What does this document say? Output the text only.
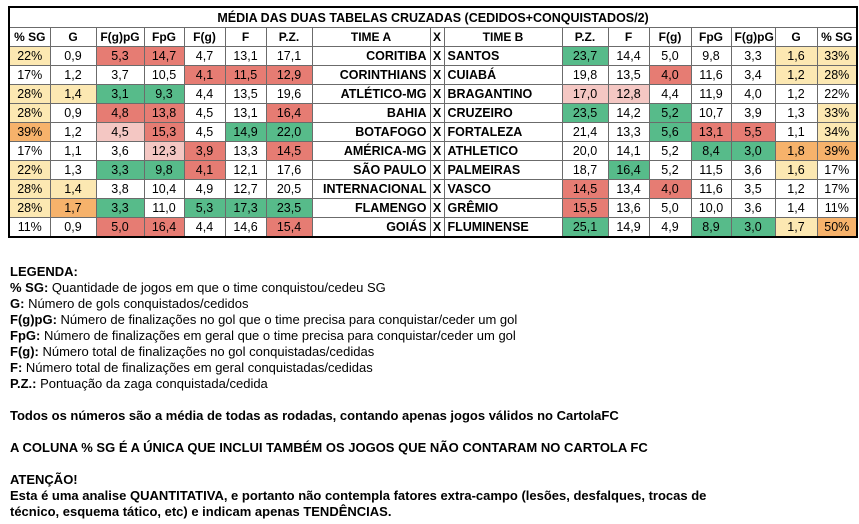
MÉDIA DAS DUAS TABELAS CRUZADAS (CEDIDOS+CONQUISTADOS/2)																
% SG	G	F(g)pG	FpG	F(g)	F	P.Z.	TIME A	X	TIME B	P.Z.	F	F(g)	FpG	F(g)pG	G	% SG
22%	0,9	5,3	14,7	4,7	13,1	17,1	CORITIBA	X	SANTOS	23,7	14,4	5,0	9,8	3,3	1,6	33%
17%	1,2	3,7	10,5	4,1	11,5	12,9	CORINTHIANS	X	CUIABÁ	19,8	13,5	4,0	11,6	3,4	1,2	28%
28%	1,4	3,1	9,3	4,4	13,5	19,6	ATLÉTICO-MG	X	BRAGANTINO	17,0	12,8	4,4	11,9	4,0	1,2	22%
28%	0,9	4,8	13,8	4,5	13,1	16,4	BAHIA	X	CRUZEIRO	23,5	14,2	5,2	10,7	3,9	1,3	33%
39%	1,2	4,5	15,3	4,5	14,9	22,0	BOTAFOGO	X	FORTALEZA	21,4	13,3	5,6	13,1	5,5	1,1	34%
17%	1,1	3,6	12,3	3,9	13,3	14,5	AMÉRICA-MG	X	ATHLETICO	20,0	14,1	5,2	8,4	3,0	1,8	39%
22%	1,3	3,3	9,8	4,1	12,1	17,6	SÃO PAULO	X	PALMEIRAS	18,7	16,4	5,2	11,5	3,6	1,6	17%
28%	1,4	3,8	10,4	4,9	12,7	20,5	INTERNACIONAL	X	VASCO	14,5	13,4	4,0	11,6	3,5	1,2	17%
28%	1,7	3,3	11,0	5,3	17,3	23,5	FLAMENGO	X	GRÊMIO	15,5	13,6	5,0	10,0	3,6	1,4	11%
11%	0,9	5,0	16,4	4,4	14,6	15,4	GOIÁS	X	FLUMINENSE	25,1	14,9	4,9	8,9	3,0	1,7	50%
LEGENDA:
% SG: Quantidade de jogos em que o time conquistou/cedeu SG
G: Número de gols conquistados/cedidos
F(g)pG: Número de finalizações no gol que o time precisa para conquistar/ceder um gol
FpG: Número de finalizações em geral que o time precisa para conquistar/ceder um gol
F(g): Número total de finalizações no gol conquistadas/cedidas
F: Número total de finalizações em geral conquistadas/cedidas
P.Z.: Pontuação da zaga conquistada/cedida
Todos os números são a média de todas as rodadas, contando apenas jogos válidos no CartolaFC
A COLUNA % SG É A ÚNICA QUE INCLUI TAMBÉM OS JOGOS QUE NÃO CONTARAM NO CARTOLA FC
ATENÇÃO!
Esta é uma analise QUANTITATIVA, e portanto não contempla fatores extra-campo (lesões, desfalques, trocas de
técnico, esquema tático, etc) e indicam apenas TENDÊNCIAS.
